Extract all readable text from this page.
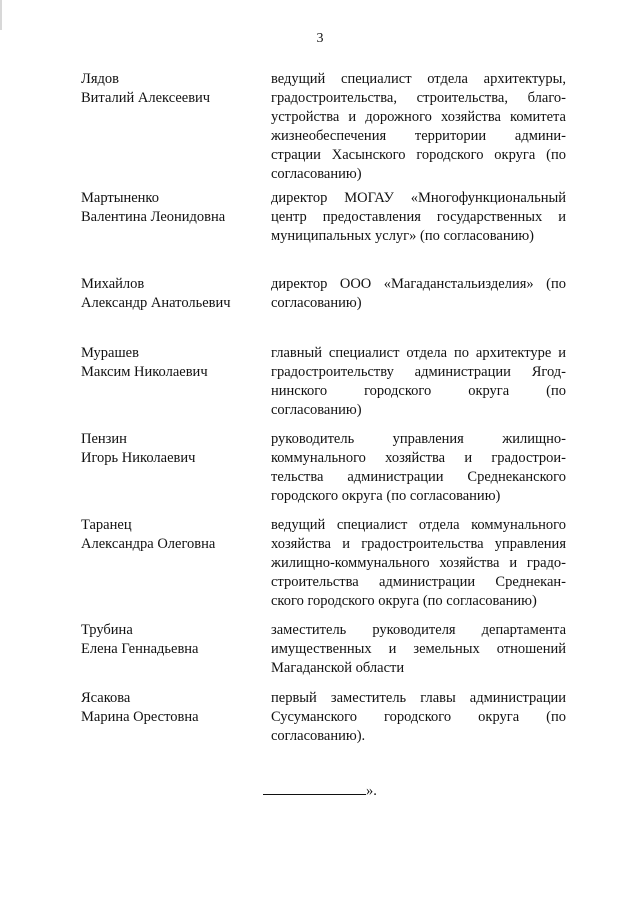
3
Лядов
Виталий Алексеевич
ведущий специалист отдела архитектуры,
градостроительства, строительства, благо-
устройства и дорожного хозяйства комитета
жизнеобеспечения территории админи-
страции Хасынского городского округа (по
согласованию)
Мартыненко
Валентина Леонидовна
директор МОГАУ «Многофункциональный
центр предоставления государственных и
муниципальных услуг» (по согласованию)
Михайлов
Александр Анатольевич
директор ООО «Магаданстальизделия» (по
согласованию)
Мурашев
Максим Николаевич
главный специалист отдела по архитектуре и
градостроительству администрации Ягод-
нинского городского округа (по
согласованию)
Пензин
Игорь Николаевич
руководитель управления жилищно-
коммунального хозяйства и градострои-
тельства администрации Среднеканского
городского округа (по согласованию)
Таранец
Александра Олеговна
ведущий специалист отдела коммунального
хозяйства и градостроительства управления
жилищно-коммунального хозяйства и градо-
строительства администрации Среднекан-
ского городского округа (по согласованию)
Трубина
Елена Геннадьевна
заместитель руководителя департамента
имущественных и земельных отношений
Магаданской области
Ясакова
Марина Орестовна
первый заместитель главы администрации
Сусуманского городского округа (по
согласованию).
».
